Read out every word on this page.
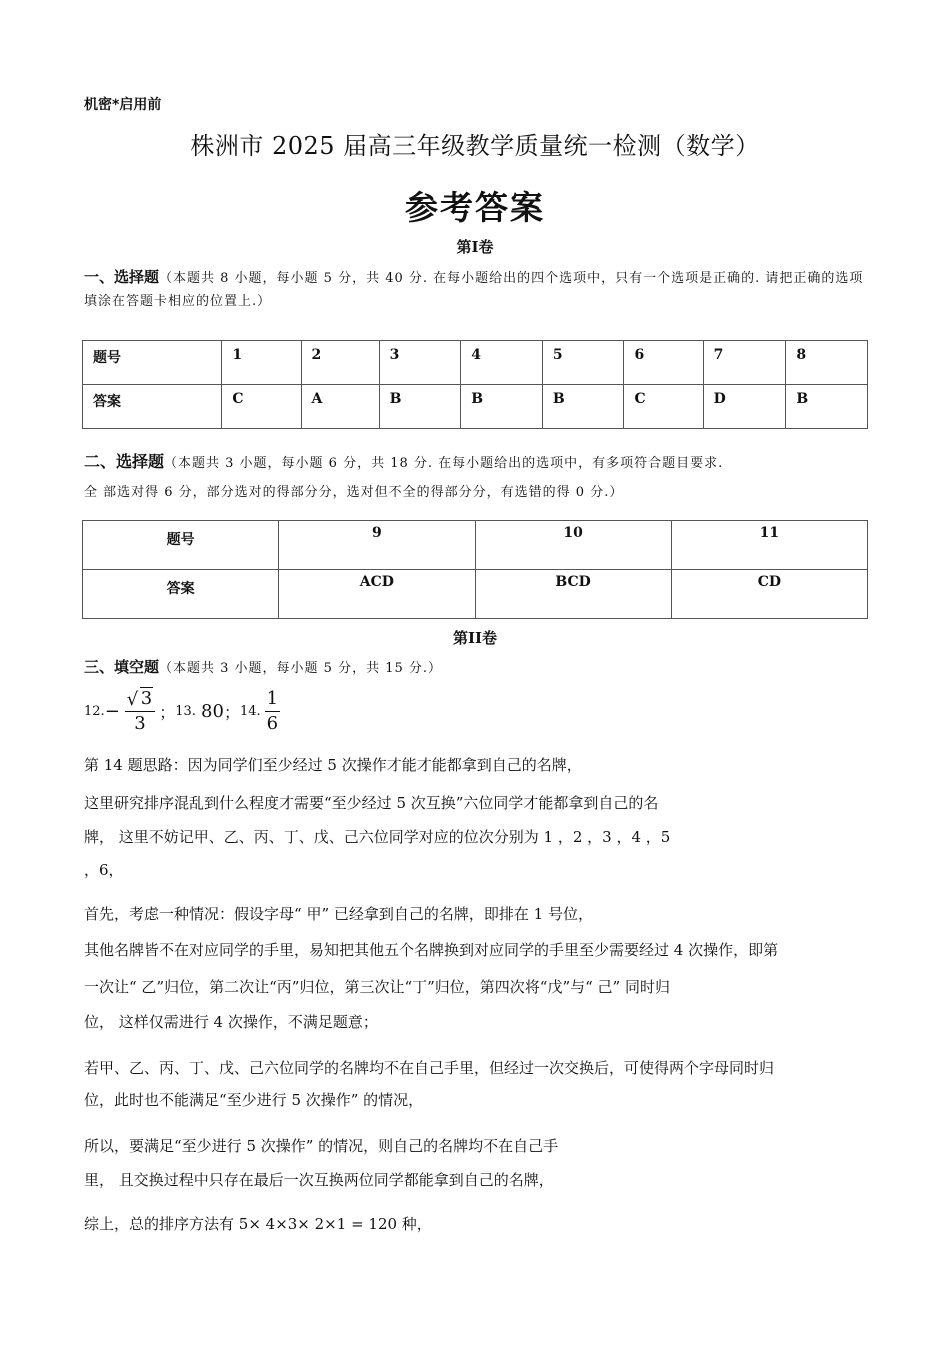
机密*启用前
株洲市 2025 届高三年级教学质量统一检测（数学）
参考答案
第I卷
一、选择题（本题共 8 小题，每小题 5 分，共 40 分. 在每小题给出的四个选项中，只有一个选项是正确的. 请把正确的选项填涂在答题卡相应的位置上.）
题号	1	2	3	4	5	6	7	8
答案	C	A	B	B	B	C	D	B
二、选择题（本题共 3 小题，每小题 6 分，共 18 分. 在每小题给出的选项中，有多项符合题目要求.
全 部选对得 6 分，部分选对的得部分分，选对但不全的得部分分，有选错的得 0 分.）
题号	9	10	11
答案	ACD	BCD	CD
第II卷
三、填空题（本题共 3 小题，每小题 5 分，共 15 分.）
12. − $\frac{√ 3}{3}$ ； 13.
80 ； 14. $\frac{1}{6}$
第 14 题思路：因为同学们至少经过 5 次操作才能才能都拿到自己的名牌，
这里研究排序混乱到什么程度才需要“至少经过 5 次互换”六位同学才能都拿到自己的名
牌， 这里不妨记甲、乙、丙、丁、戊、己六位同学对应的位次分别为 1 ，2 ，3 ，4 ，5
，6，
首先，考虑一种情况：假设字母“ 甲” 已经拿到自己的名牌，即排在 1 号位，
其他名牌皆不在对应同学的手里，易知把其他五个名牌换到对应同学的手里至少需要经过 4 次操作，即第
一次让“ 乙”归位，第二次让“丙”归位，第三次让“丁”归位，第四次将“戊”与“ 己” 同时归
位， 这样仅需进行 4 次操作，不满足题意；
若甲、乙、丙、丁、戊、己六位同学的名牌均不在自己手里，但经过一次交换后，可使得两个字母同时归
位，此时也不能满足“至少进行 5 次操作” 的情况，
所以，要满足“至少进行 5 次操作” 的情况，则自己的名牌均不在自己手
里， 且交换过程中只存在最后一次互换两位同学都能拿到自己的名牌，
综上，总的排序方法有 5× 4×3× 2×1 = 120 种，
